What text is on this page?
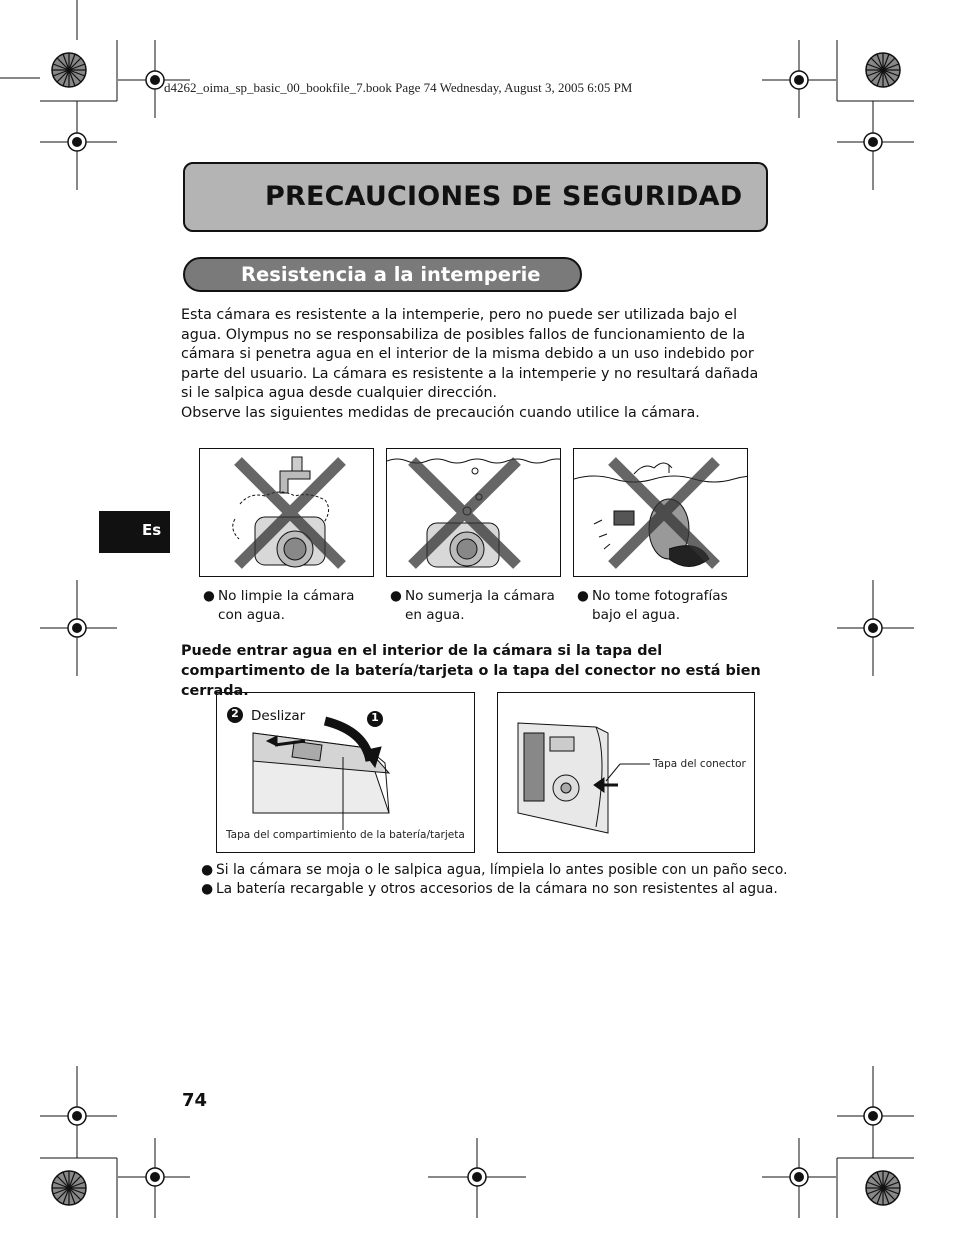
d4262_oima_sp_basic_00_bookfile_7.book Page 74 Wednesday, August 3, 2005 6:05 PM
PRECAUCIONES DE SEGURIDAD
Resistencia a la intemperie

Esta cámara es resistente a la intemperie, pero no puede ser utilizada bajo el agua. Olympus no se responsabiliza de posibles fallos de funcionamiento de la cámara si penetra agua en el interior de la misma debido a un uso indebido por parte del usuario. La cámara es resistente a la intemperie y no resultará dañada si le salpica agua desde cualquier dirección.

Observe las siguientes medidas de precaución cuando utilice la cámara.

Es
● No limpie la cámara con agua.
● No sumerja la cámara en agua.
● No tome fotografías bajo el agua.
Puede entrar agua en el interior de la cámara si la tapa del compartimento de la batería/tarjeta o la tapa del conector no está bien cerrada.
2	1
Deslizar
Tapa del compartimiento de la batería/tarjeta
Tapa del conector
● Si la cámara se moja o le salpica agua, límpiela lo antes posible con un paño seco.
● La batería recargable y otros accesorios de la cámara no son resistentes al agua.
74
